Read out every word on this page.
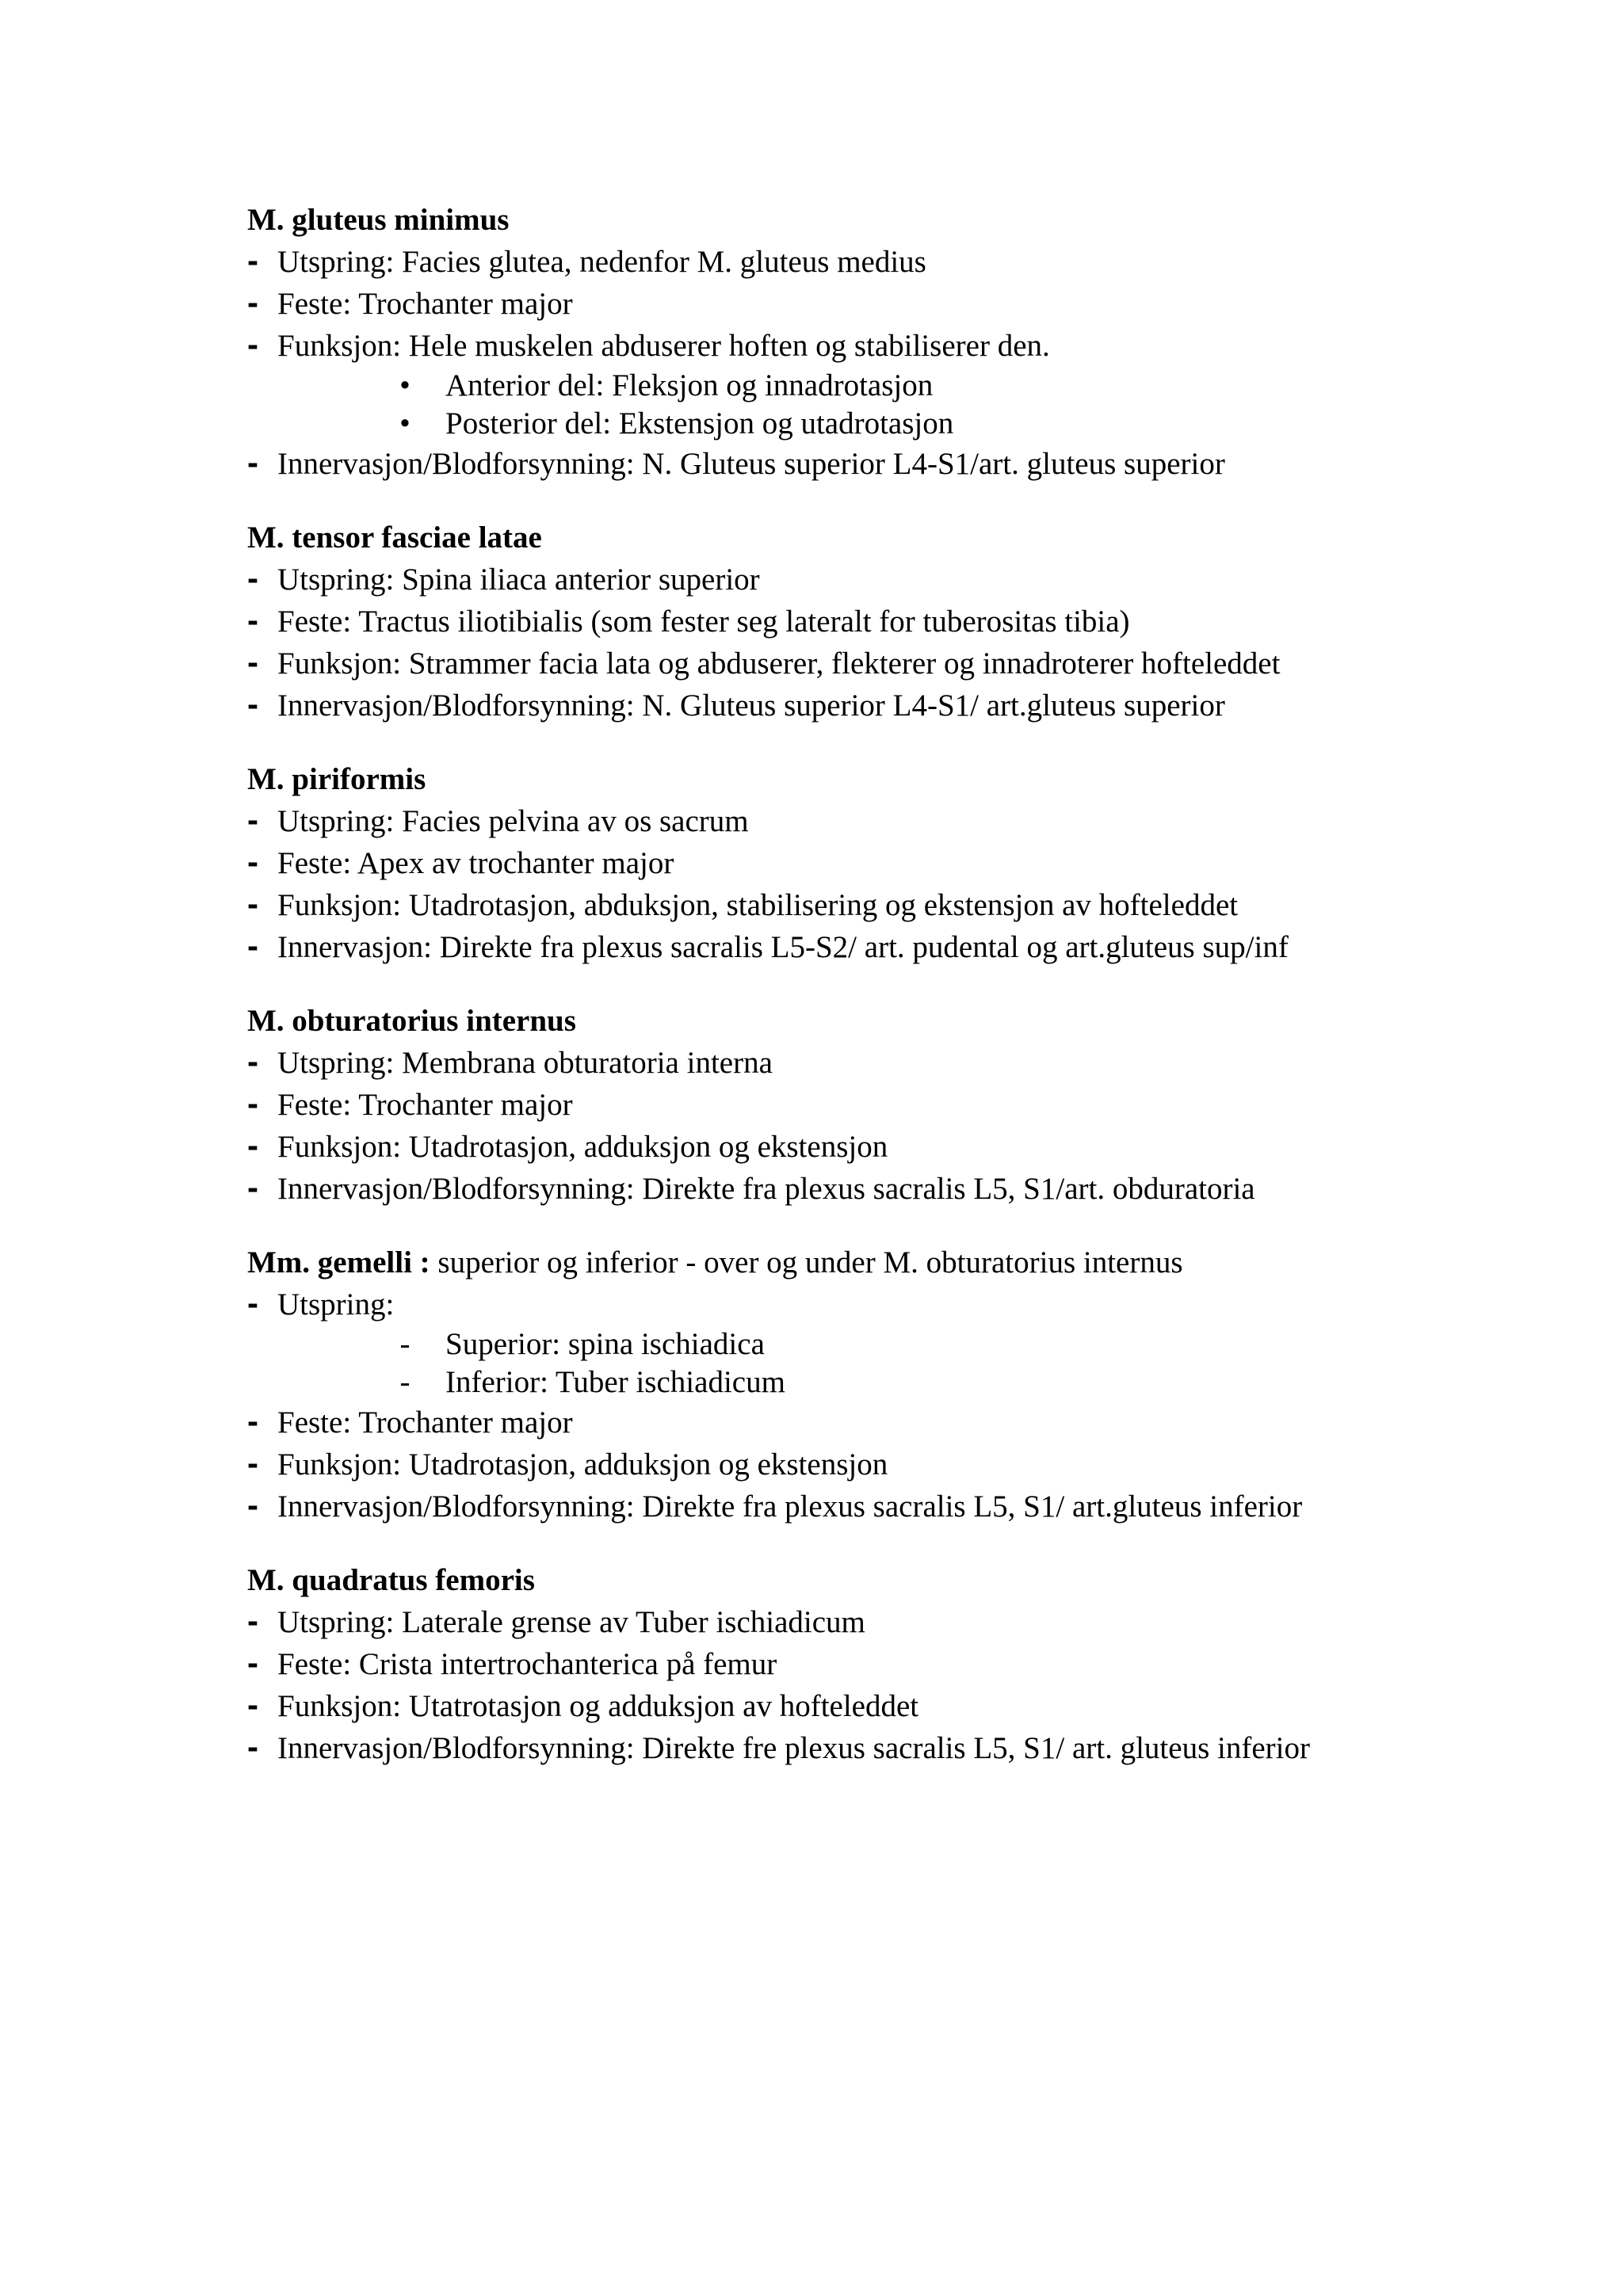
M. gluteus minimus
- Utspring: Facies glutea, nedenfor M. gluteus medius
- Feste: Trochanter major
- Funksjon: Hele muskelen abduserer hoften og stabiliserer den.
• Anterior del: Fleksjon og innadrotasjon
• Posterior del: Ekstensjon og utadrotasjon
- Innervasjon/Blodforsynning: N. Gluteus superior L4-S1/art. gluteus superior
M. tensor fasciae latae
- Utspring: Spina iliaca anterior superior
- Feste: Tractus iliotibialis (som fester seg lateralt for tuberositas tibia)
- Funksjon: Strammer facia lata og abduserer, flekterer og innadroterer hofteleddet
- Innervasjon/Blodforsynning: N. Gluteus superior L4-S1/ art.gluteus superior
M. piriformis
- Utspring: Facies pelvina av os sacrum
- Feste: Apex av trochanter major
- Funksjon: Utadrotasjon, abduksjon, stabilisering og ekstensjon av hofteleddet
- Innervasjon: Direkte fra plexus sacralis L5-S2/ art. pudental og art.gluteus sup/inf
M. obturatorius internus
- Utspring: Membrana obturatoria interna
- Feste: Trochanter major
- Funksjon: Utadrotasjon, adduksjon og ekstensjon
- Innervasjon/Blodforsynning: Direkte fra plexus sacralis L5, S1/art. obduratoria
Mm. gemelli : superior og inferior - over og under M. obturatorius internus
- Utspring:
- Superior: spina ischiadica
- Inferior: Tuber ischiadicum
- Feste: Trochanter major
- Funksjon: Utadrotasjon, adduksjon og ekstensjon
- Innervasjon/Blodforsynning: Direkte fra plexus sacralis L5, S1/ art.gluteus inferior
M. quadratus femoris
- Utspring: Laterale grense av Tuber ischiadicum
- Feste: Crista intertrochanterica på femur
- Funksjon: Utatrotasjon og adduksjon av hofteleddet
- Innervasjon/Blodforsynning: Direkte fre plexus sacralis L5, S1/ art. gluteus inferior
